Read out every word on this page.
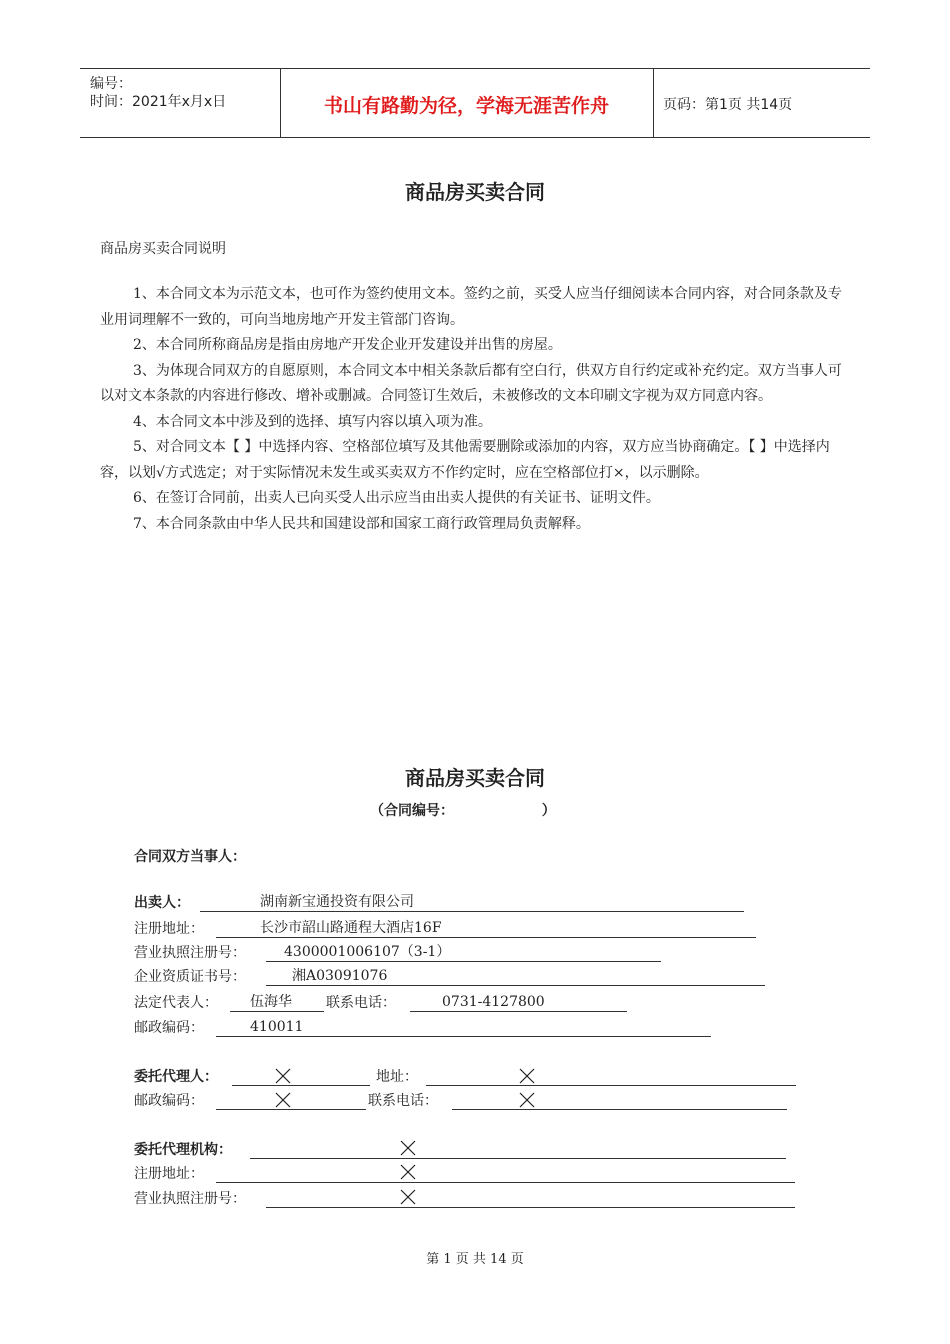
编号：
时间：2021年x月x日	书山有路勤为径，学海无涯苦作舟	页码：第1页 共14页
商品房买卖合同
商品房买卖合同说明

1、本合同文本为示范文本，也可作为签约使用文本。签约之前，买受人应当仔细阅读本合同内容，对合同条款及专业用词理解不一致的，可向当地房地产开发主管部门咨询。

2、本合同所称商品房是指由房地产开发企业开发建设并出售的房屋。

3、为体现合同双方的自愿原则，本合同文本中相关条款后都有空白行，供双方自行约定或补充约定。双方当事人可以对文本条款的内容进行修改、增补或删减。合同签订生效后，未被修改的文本印刷文字视为双方同意内容。

4、本合同文本中涉及到的选择、填写内容以填入项为准。

5、对合同文本【 】中选择内容、空格部位填写及其他需要删除或添加的内容，双方应当协商确定。【 】中选择内容，以划√方式选定；对于实际情况未发生或买卖双方不作约定时，应在空格部位打×，以示删除。

6、在签订合同前，出卖人已向买受人出示应当由出卖人提供的有关证书、证明文件。

7、本合同条款由中华人民共和国建设部和国家工商行政管理局负责解释。

商品房买卖合同
（合同编号：                  ）
合同双方当事人：
出卖人：	湖南新宝通投资有限公司
注册地址：	长沙市韶山路通程大酒店16F
营业执照注册号：	4300001006107（3-1）
企业资质证书号：	湘A03091076
法定代表人：	伍海华	联系电话：	0731-4127800
邮政编码：	410011
委托代理人：	地址：
邮政编码：	联系电话：
委托代理机构：
注册地址：
营业执照注册号：
第 1 页 共 14 页
